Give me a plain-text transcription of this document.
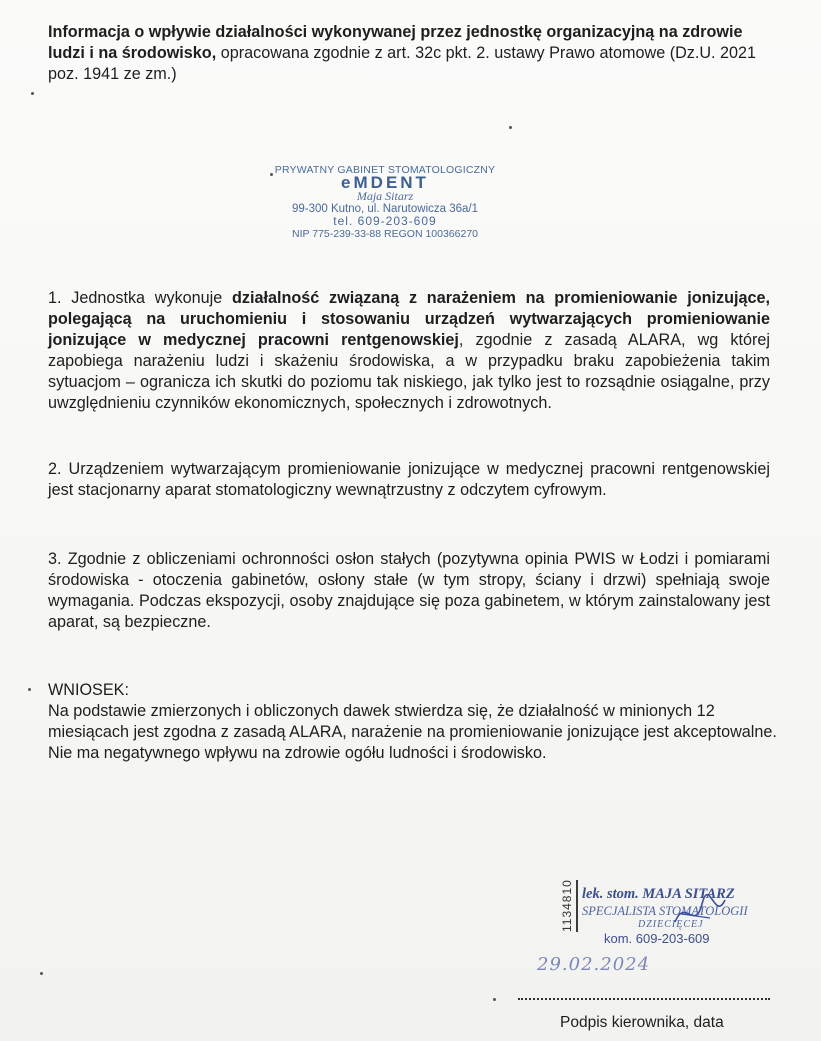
Informacja o wpływie działalności wykonywanej przez jednostkę organizacyjną na zdrowie ludzi i na środowisko, opracowana zgodnie z art. 32c pkt. 2. ustawy Prawo atomowe (Dz.U. 2021 poz. 1941 ze zm.)
PRYWATNY GABINET STOMATOLOGICZNY
eMDENT
Maja Sitarz
99-300 Kutno, ul. Narutowicza 36a/1
tel. 609-203-609
NIP 775-239-33-88 REGON 100366270
1. Jednostka wykonuje działalność związaną z narażeniem na promieniowanie jonizujące, polegającą na uruchomieniu i stosowaniu urządzeń wytwarzających promieniowanie jonizujące w medycznej pracowni rentgenowskiej, zgodnie z zasadą ALARA, wg której zapobiega narażeniu ludzi i skażeniu środowiska, a w przypadku braku zapobieżenia takim sytuacjom – ogranicza ich skutki do poziomu tak niskiego, jak tylko jest to rozsądnie osiągalne, przy uwzględnieniu czynników ekonomicznych, społecznych i zdrowotnych.
2. Urządzeniem wytwarzającym promieniowanie jonizujące w medycznej pracowni rentgenowskiej jest stacjonarny aparat stomatologiczny wewnątrzustny z odczytem cyfrowym.
3. Zgodnie z obliczeniami ochronności osłon stałych (pozytywna opinia PWIS w Łodzi i pomiarami środowiska - otoczenia gabinetów, osłony stałe (w tym stropy, ściany i drzwi) spełniają swoje wymagania. Podczas ekspozycji, osoby znajdujące się poza gabinetem, w którym zainstalowany jest aparat, są bezpieczne.
WNIOSEK:
Na podstawie zmierzonych i obliczonych dawek stwierdza się, że działalność w minionych 12 miesiącach jest zgodna z zasadą ALARA, narażenie na promieniowanie jonizujące jest akceptowalne.
Nie ma negatywnego wpływu na zdrowie ogółu ludności i środowisko.
1134810 lek. stom. MAJA SITARZ
SPECJALISTA STOMATOLOGII
DZIECIĘCEJ
kom. 609-203-609
29.02.2024
Podpis kierownika, data
